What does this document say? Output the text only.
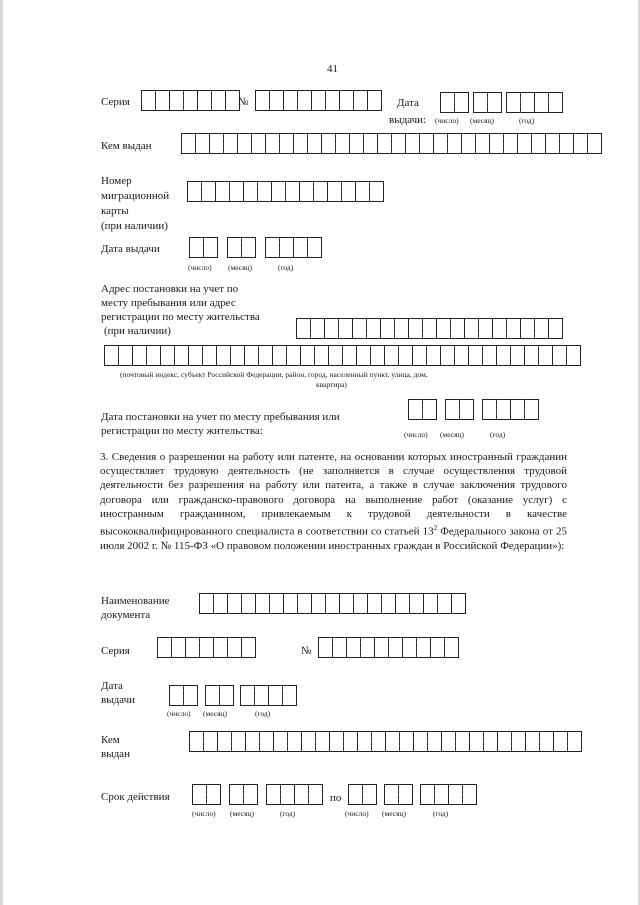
41
Серия	№	Дата
выдачи: (число) (месяц)	(год)
Кем выдан
Номер
миграционной
карты
(при наличии)
Дата выдачи
(число) (месяц)	(год)
Адрес постановки на учет по
месту пребывания или адрес
регистрации по месту жительства
(при наличии)
(почтовый индекс, субъект Российской Федерации, район, город, населенный пункт, улица, дом,
квартира)
Дата постановки на учет по месту пребывания или
регистрации по месту жительства:	(число) (месяц)	(год)
3. Сведения о разрешении на работу или патенте, на основании которых иностранный гражданин осуществляет трудовую деятельность (не заполняется в случае осуществления трудовой деятельности без разрешения на работу или патента, а также в случае заключения трудового договора или гражданско-правового договора на выполнение работ (оказание услуг) с иностранным гражданином, привлекаемым к трудовой деятельности в качестве высококвалифицированного специалиста в соответствии со статьей $13^2$ Федерального закона от 25 июля 2002 г. № 115-ФЗ «О правовом положении иностранных граждан в Российской Федерации»):
Наименование
документа
Серия	№
Дата
выдачи
(число) (месяц)	(год)
Кем
выдан
Срок действия	по
(число) (месяц)	(год)	(число) (месяц)	(год)
